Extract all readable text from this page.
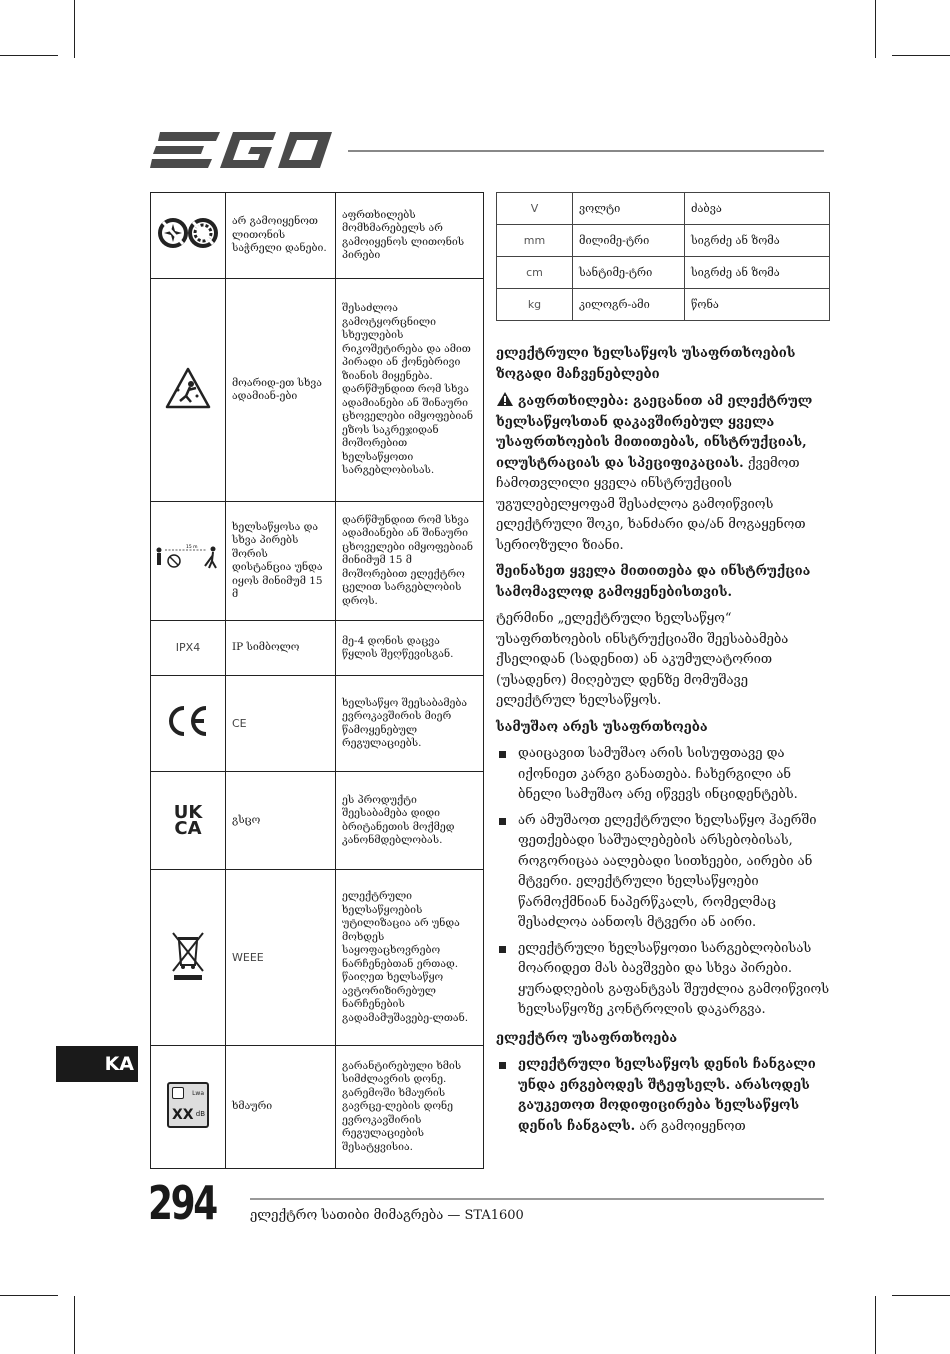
	არ გამოიყენოთ ლითონის საჭრელი დანები.	აფრთხილებს მომხმარებელს არ გამოიყენოს ლითონის პირები
	მოარიდ-ეთ სხვა ადამიან-ები	შესაძლოა გამოტყორცნილი სხეულების რიკოშეტირება და ამით პირადი ან ქონებრივი ზიანის მიყენება. დარწმუნდით რომ სხვა ადამიანები ან შინაური ცხოველები იმყოფებიან ეზოს საკრეჯიდან მოშორებით ხელსაწყოთი სარგებლობისას.

15 m	ხელსაწყოსა და სხვა პირებს შორის დისტანცია უნდა იყოს მინიმუმ 15 მ	დარწმუნდით რომ სხვა ადამიანები ან შინაური ცხოველები იმყოფებიან მინიმუმ 15 მ მოშორებით ელექტრო ცელით სარგებლობის დროს.
IPX4	IP სიმბოლო	მე-4 დონის დაცვა წყლის შეღწევისგან.
	CE	ხელსაწყო შეესაბამება ევროკავშირის მიერ წამოყენებულ რეგულაციებს.

UK
CA	გსცო	ეს პროდუქტი შეესაბამება დიდი ბრიტანეთის მოქმედ კანონმდებლობას.
	WEEE	ელექტრული ხელსაწყოების უტილიზაცია არ უნდა მოხდეს საყოფაცხოვრებო ნარჩენებთან ერთად. წაიღეთ ხელსაწყო ავტორიზირებულ ნარჩენების გადამამუშავებე-ლთან.

Lwa
XX dB	ხმაური	გარანტირებული ხმის სიმძლავრის დონე. გარემოში ხმაურის გავრცე-ლების დონე ევროკავშირის რეგულაციების შესატყვისია.
V	ვოლტი	ძაბვა
mm	მილიმე-ტრი	სიგრძე ან ზომა
cm	სანტიმე-ტრი	სიგრძე ან ზომა
kg	კილოგრ-ამი	წონა
ელექტრული ხელსაწყოს უსაფრთხოების ზოგადი მაჩვენებლები

გაფრთხილება: გაეცანით ამ ელექტრულ ხელსაწყოსთან დაკავშირებულ ყველა უსაფრთხოების მითითებას, ინსტრუქციას, ილუსტრაციას და სპეციფიკაციას. ქვემოთ ჩამოთვლილი ყველა ინსტრუქციის უგულებელყოფამ შესაძლოა გამოიწვიოს ელექტრული შოკი, ხანძარი და/ან მოგაყენოთ სერიოზული ზიანი.

შეინახეთ ყველა მითითება და ინსტრუქცია სამომავლოდ გამოყენებისთვის.

ტერმინი „ელექტრული ხელსაწყო“ უსაფრთხოების ინსტრუქციაში შეესაბამება ქსელიდან (სადენით) ან აკუმულატორით (უსადენო) მიღებულ დენზე მომუშავე ელექტრულ ხელსაწყოს.

სამუშაო არეს უსაფრთხოება
დაიცავით სამუშაო არის სისუფთავე და იქონიეთ კარგი განათება. ჩახერგილი ან ბნელი სამუშაო არე იწვევს ინციდენტებს.
არ ამუშაოთ ელექტრული ხელსაწყო ჰაერში ფეთქებადი საშუალებების არსებობისას, როგორიცაა აალებადი სითხეები, აირები ან მტვერი. ელექტრული ხელსაწყოები წარმოქმნიან ნაპერწკალს, რომელმაც შესაძლოა აანთოს მტვერი ან აირი.
ელექტრული ხელსაწყოთი სარგებლობისას მოარიდეთ მას ბავშვები და სხვა პირები. ყურადღების გაფანტვას შეუძლია გამოიწვიოს ხელსაწყოზე კონტროლის დაკარგვა.
ელექტრო უსაფრთხოება
ელექტრული ხელსაწყოს დენის ჩანგალი უნდა ერგებოდეს შტეფსელს. არასოდეს გაუკეთოთ მოდიფიცირება ხელსაწყოს დენის ჩანგალს. არ გამოიყენოთ
KA
294	ელექტრო სათიბი მიმაგრება — STA1600
